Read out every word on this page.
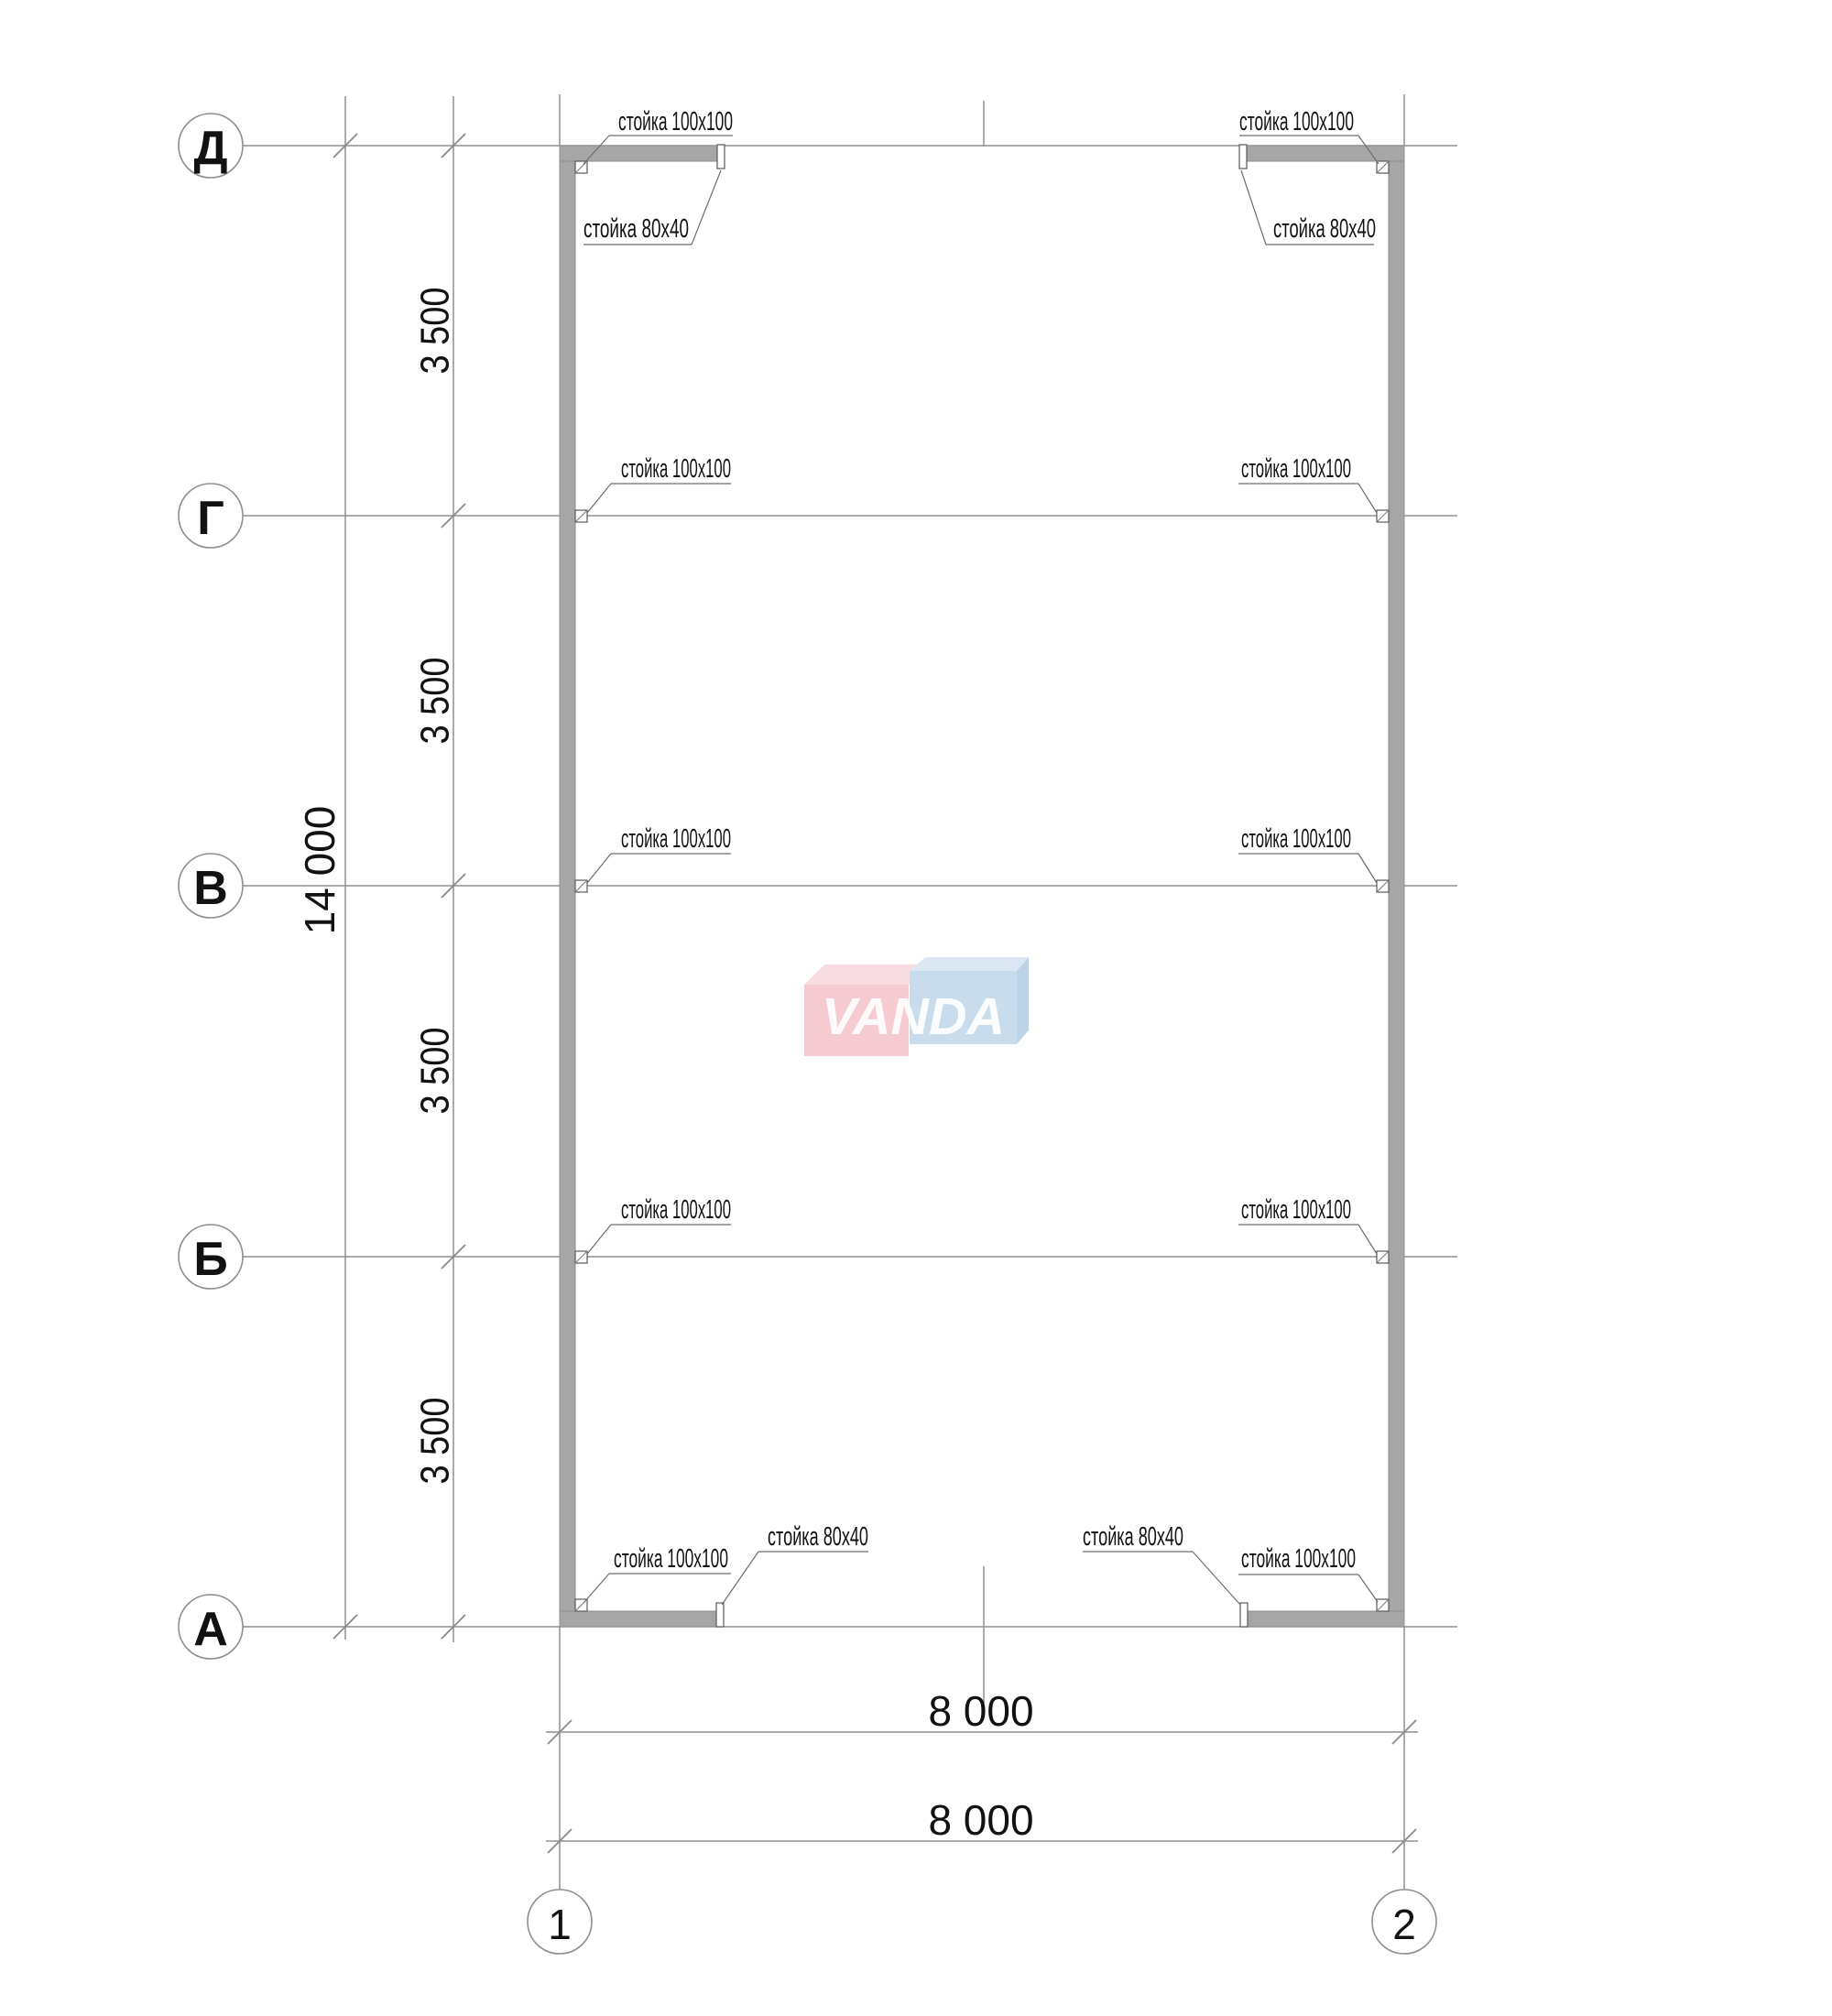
стойка 100x100
стойка 80x40
стойка 100x100
стойка 80x40
стойка 100x100	стойка 100x100
стойка 100x100	стойка 100x100
стойка 100x100	стойка 100x100
стойка 100x100
стойка 80x40	стойка 80x40
стойка 100x100
14 000
3 500
3 500
3 500
3 500
8 000
8 000
Д
Г
В
Б
А
1	2
VANDA
